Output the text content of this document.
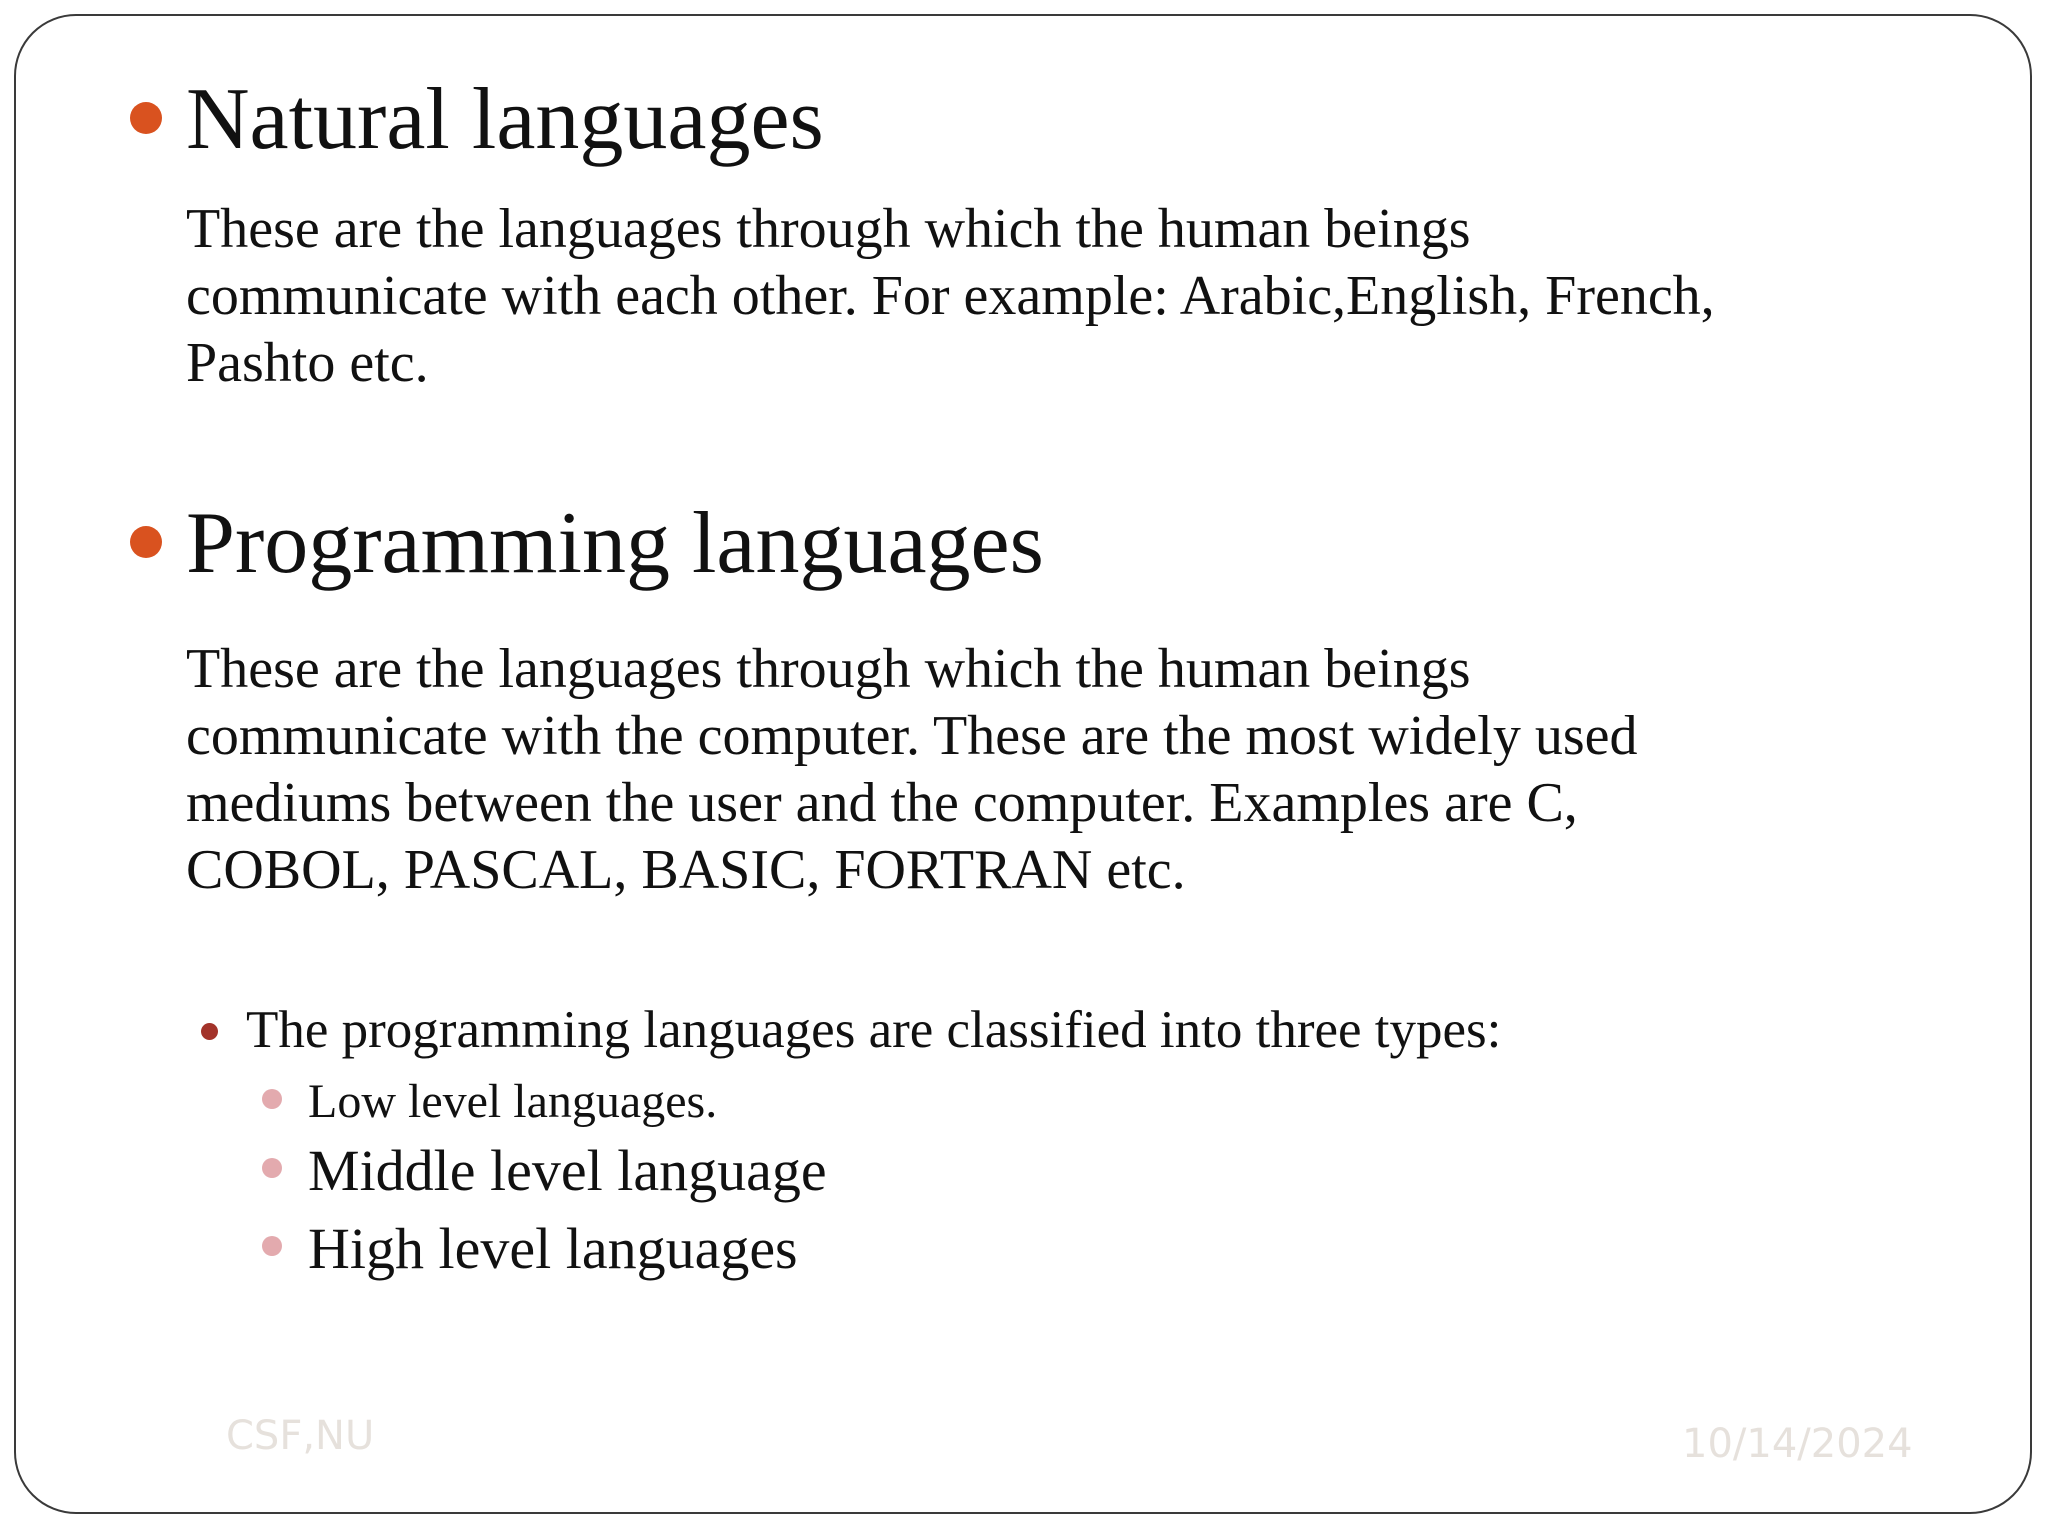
Natural languages

These are the languages through which the human beings
communicate with each other. For example: Arabic,English, French,
Pashto etc.

Programming languages

These are the languages through which the human beings
communicate with the computer. These are the most widely used
mediums between the user and the computer. Examples are C,
COBOL, PASCAL, BASIC, FORTRAN etc.

The programming languages are classified into three types:

Low level languages.

Middle level language

High level languages

CSF,NU	10/14/2024
